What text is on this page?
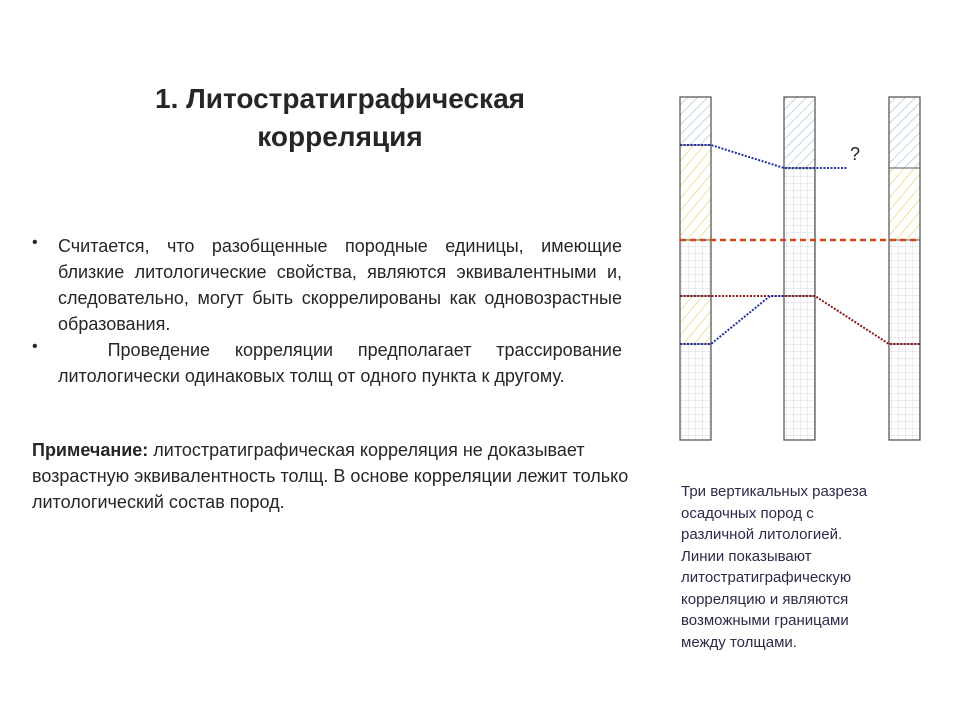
1. Литостратиграфическая
корреляция
• Считается, что разобщенные породные единицы, имеющие близкие литологические свойства, являются эквивалентными и, следовательно, могут быть скоррелированы как одновозрастные образования.
• Проведение корреляции предполагает трассирование литологически одинаковых толщ от одного пункта к другому.
Примечание: литостратиграфическая корреляция не доказывает возрастную эквивалентность толщ. В основе корреляции лежит только литологический состав пород.
?
Три вертикальных разреза
осадочных пород с
различной литологией.
Линии показывают
литостратиграфическую
корреляцию и являются
возможными границами
между толщами.
